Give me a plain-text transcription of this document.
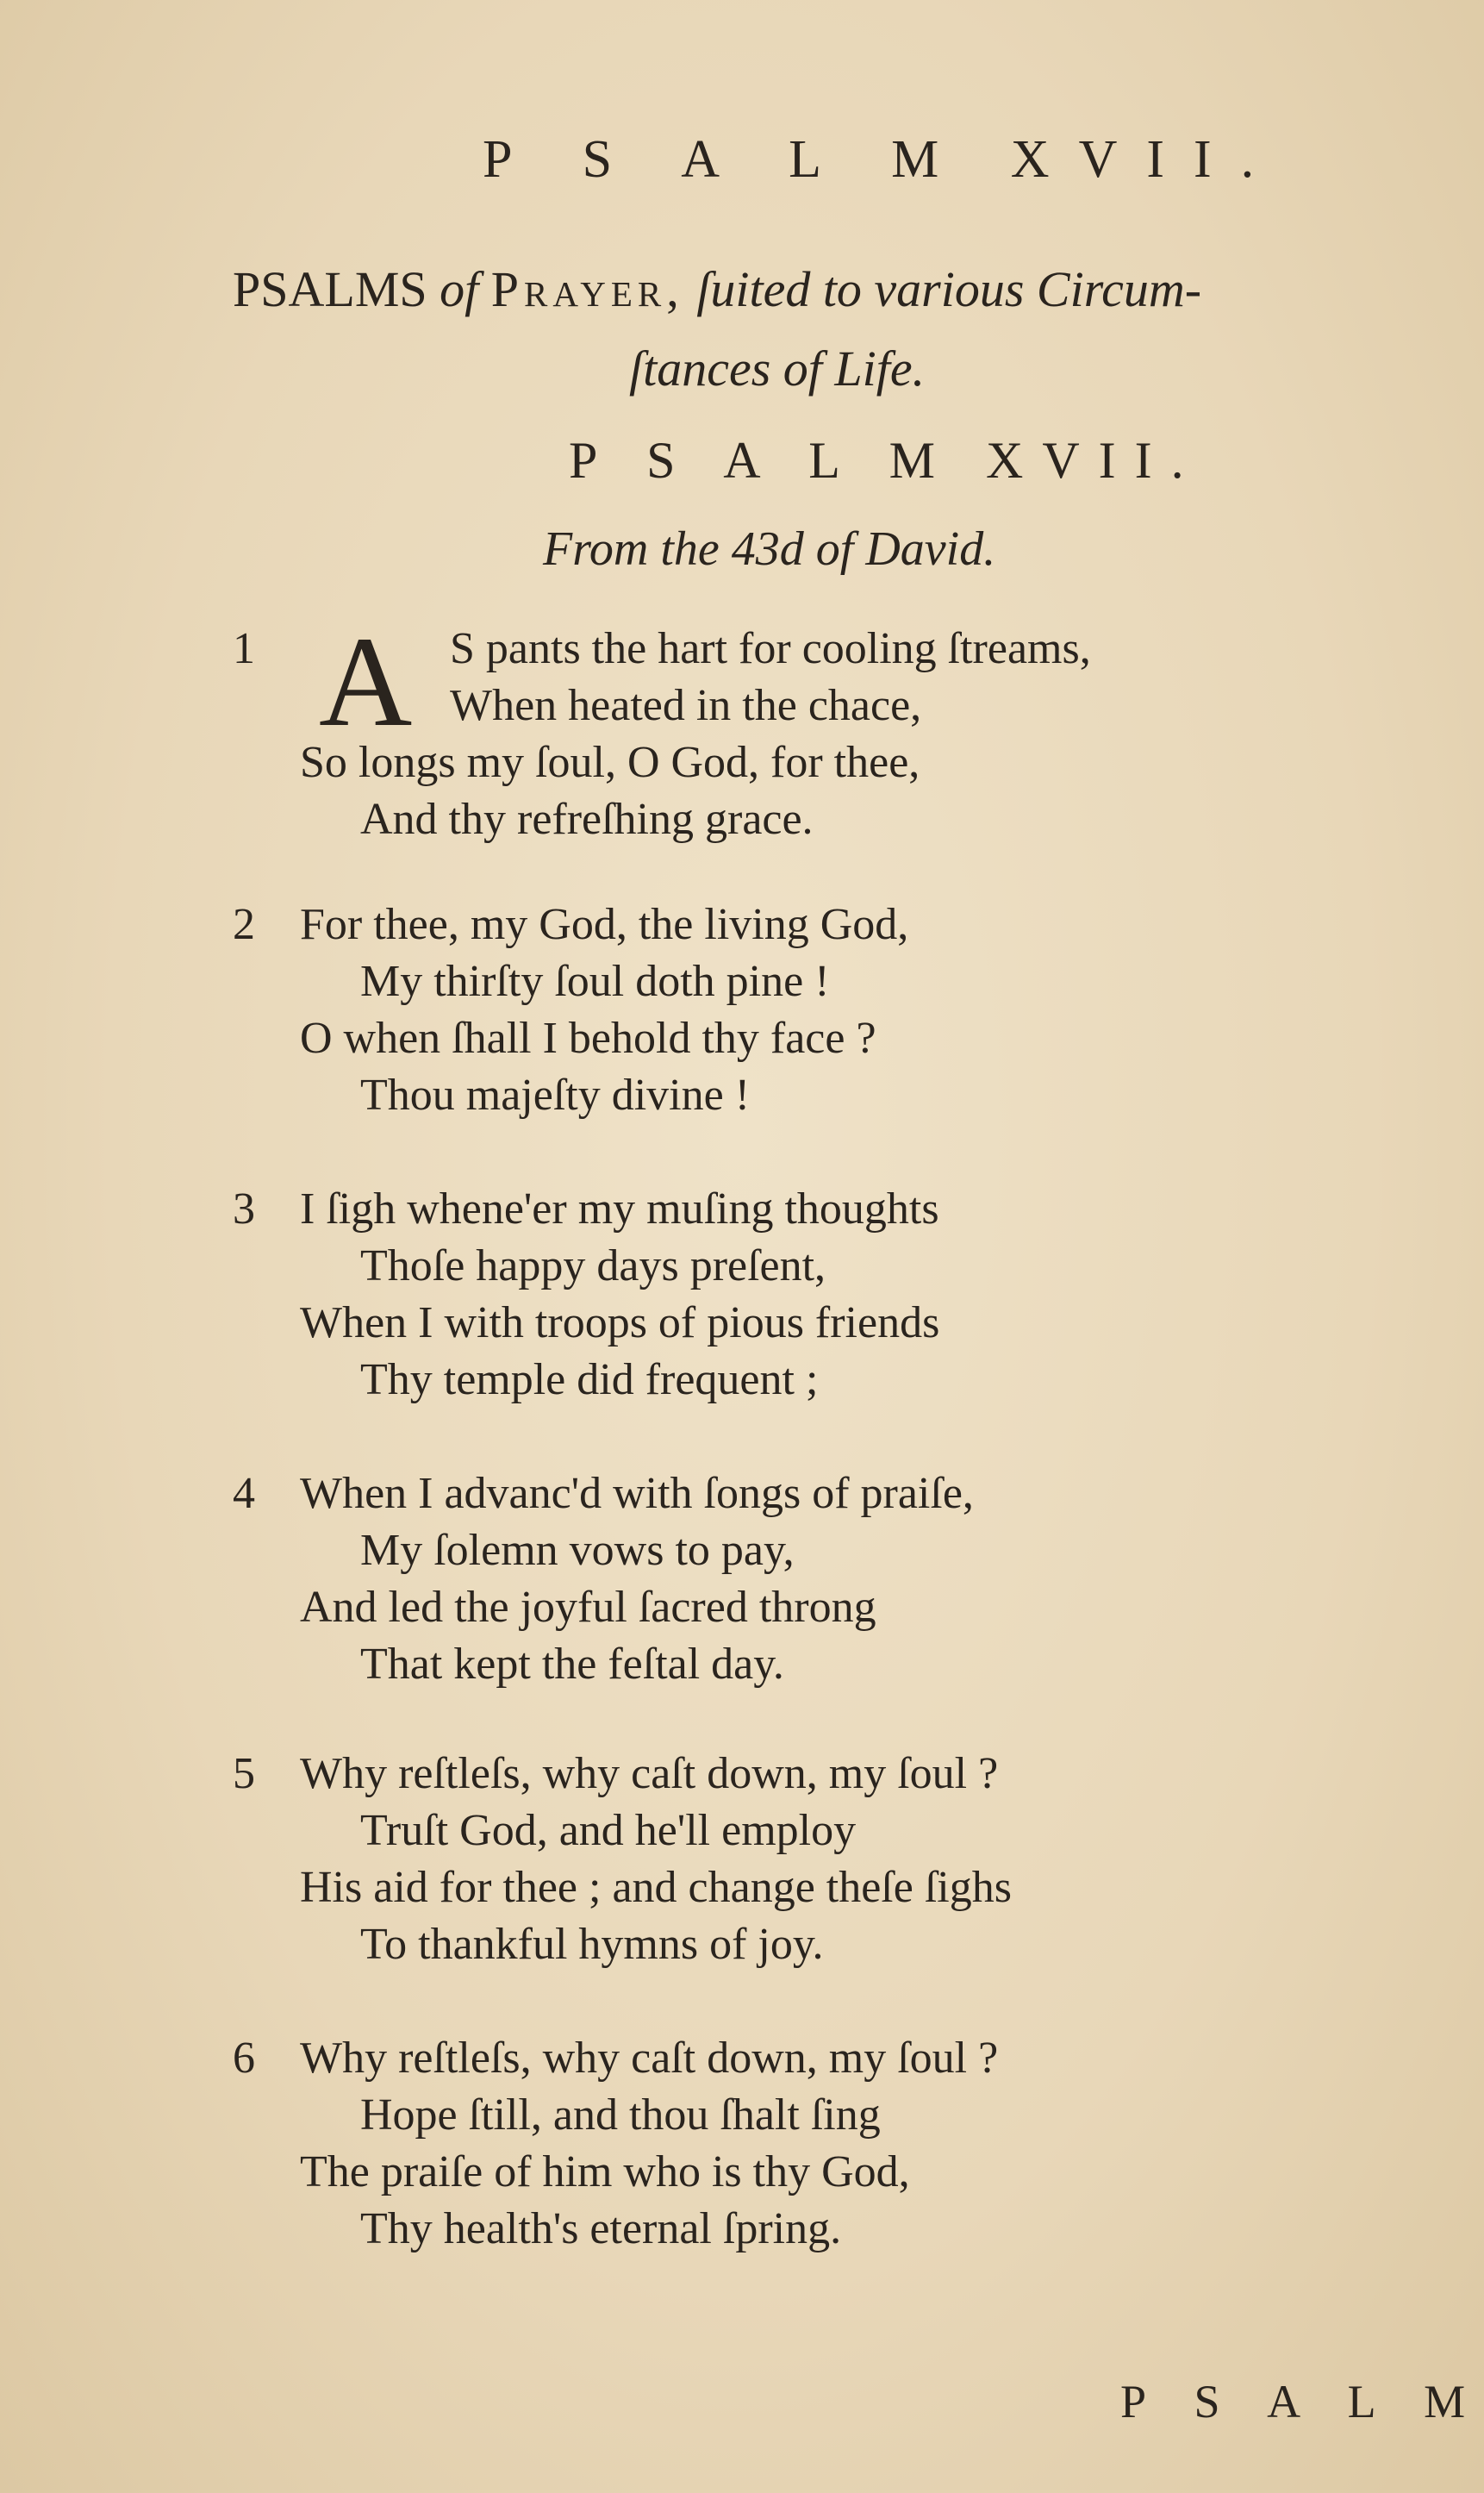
P S A L M XVII.
PSALMS of Prayer, ſuited to various Circum-
ſtances of Life.
P S A L M XVII.
From the 43d of David.
1 A S pants the hart for cooling ſtreams,
When heated in the chace,
So longs my ſoul, O God, for thee,
And thy refreſhing grace.
2	For thee, my God, the living God,
My thirſty ſoul doth pine !
O when ſhall I behold thy face ?
Thou majeſty divine !
3	I ſigh whene'er my muſing thoughts
Thoſe happy days preſent,
When I with troops of pious friends
Thy temple did frequent ;
4	When I advanc'd with ſongs of praiſe,
My ſolemn vows to pay,
And led the joyful ſacred throng
That kept the feſtal day.
5	Why reſtleſs, why caſt down, my ſoul ?
Truſt God, and he'll employ
His aid for thee ; and change theſe ſighs
To thankful hymns of joy.
6	Why reſtleſs, why caſt down, my ſoul ?
Hope ſtill, and thou ſhalt ſing
The praiſe of him who is thy God,
Thy health's eternal ſpring.
P S A L M
